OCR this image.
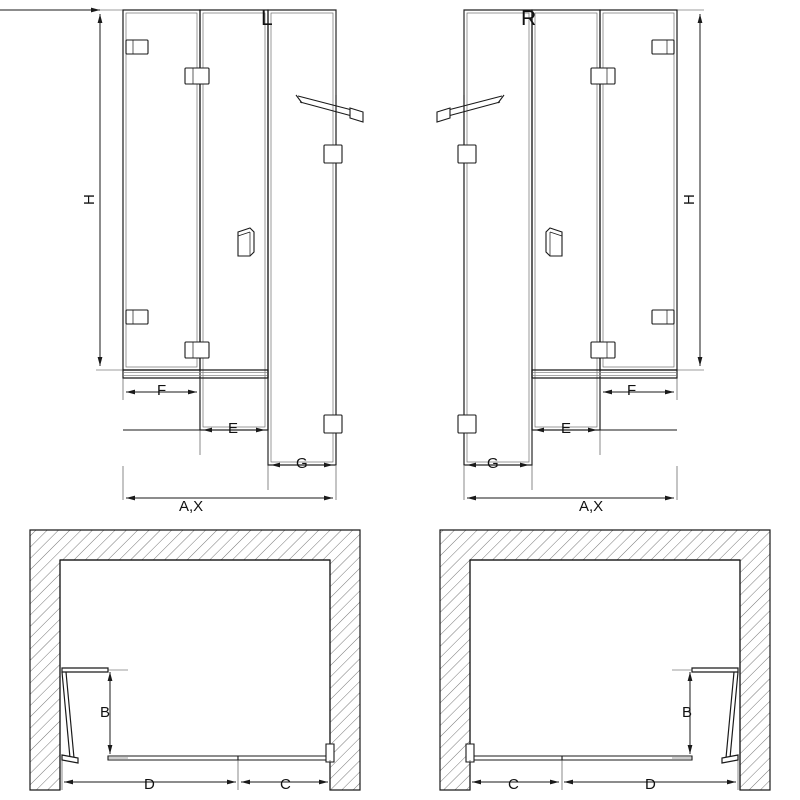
L	R
H	H
A,X	A,X
F
E
G	G
E
F
B	B
D	C	C	D
